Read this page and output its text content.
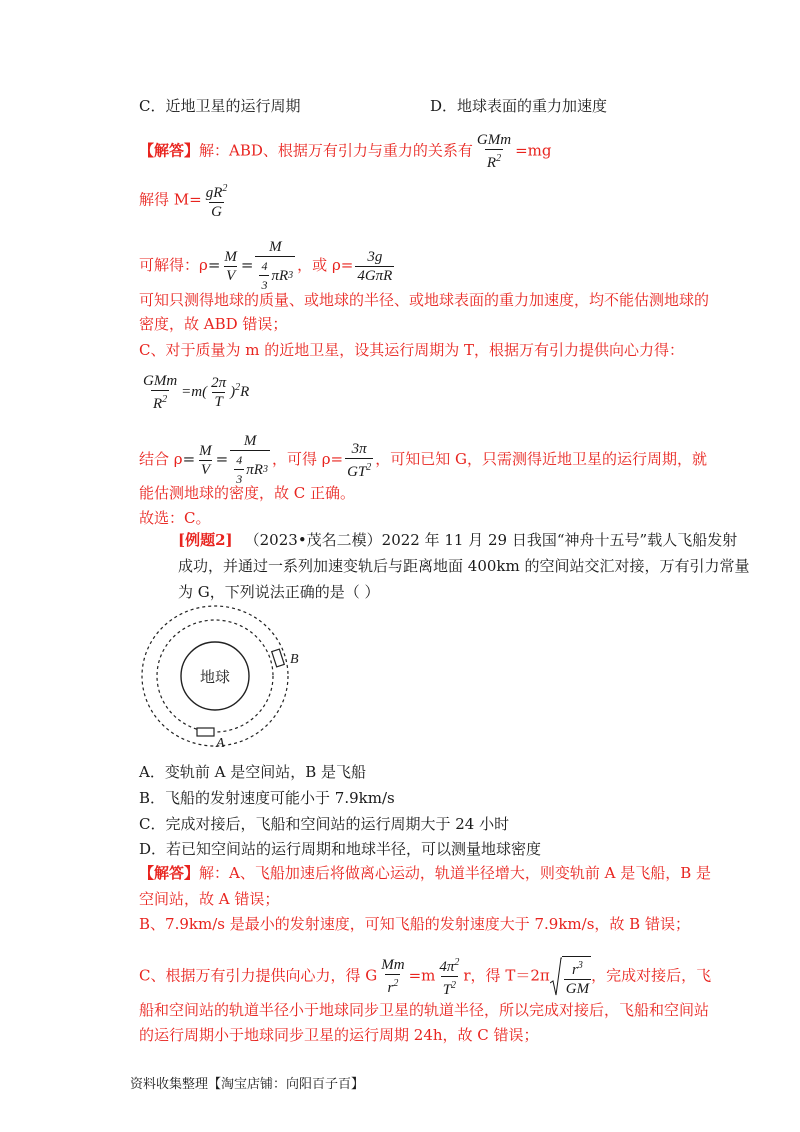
C．近地卫星的运行周期	D．地球表面的重力加速度
【解答】解：ABD、根据万有引力与重力的关系有
GMm
$R^2 =mg$
解得 $M= \frac{gR^2}{G}$
可解得：$\rho= \frac{M}{V} = \frac{M}{\frac{4}{3} \pi R 3}$ ，或 ρ= 3g
4GπR
可知只测得地球的质量、或地球的半径、或地球表面的重力加速度，均不能估测地球的
密度，故 ABD 错误；
C、对于质量为 m 的近地卫星，设其运行周期为 T，根据万有引力提供向心力得：
GMm
$R^2 =m( \frac{2\pi}{T} )^2R$
结合 $\rho= \frac{M}{V} = \frac{M}{\frac{4}{3} \pi R 3}$ ，可得 $\rho= \frac{3\pi}{GT^2}$ ，可知已知 G，只需测得近地卫星的运行周期，就
能估测地球的密度，故 C 正确。
故选：C。
[例题2] （2023•茂名二模）2022 年 11 月 29 日我国“神舟十五号”载人飞船发射
成功，并通过一系列加速变轨后与距离地面 400km 的空间站交汇对接，万有引力常量
为 G，下列说法正确的是（ ）
地球
B
A
A．变轨前 A 是空间站，B 是飞船
B．飞船的发射速度可能小于 7.9km/s
C．完成对接后，飞船和空间站的运行周期大于 24 小时
D．若已知空间站的运行周期和地球半径，可以测量地球密度
【解答】解：A、飞船加速后将做离心运动，轨道半径增大，则变轨前 A 是飞船，B 是
空间站，故 A 错误；
B、7.9km/s 是最小的发射速度，可知飞船的发射速度大于 7.9km/s，故 B 错误；
C、根据万有引力提供向心力，得 G $\frac{Mm}{r^2} =m \frac{4\pi^2}{T^2}$ r，得 $T=2\pi \frac{r^3}{GM}$ ，完成对接后，飞
船和空间站的轨道半径小于地球同步卫星的轨道半径，所以完成对接后，飞船和空间站
的运行周期小于地球同步卫星的运行周期 24h，故 C 错误；
资料收集整理【淘宝店铺：向阳百子百】
